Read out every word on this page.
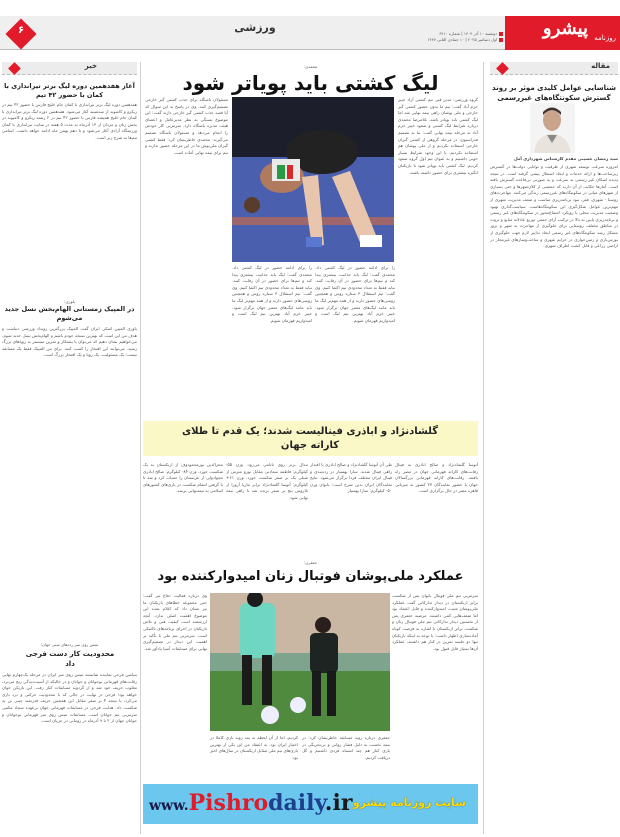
ورزشی
۶	دوشنبه ۱۰ آذر ۱۴۰۴ | شماره ۶۴۱۰
اول دسامبر ۲۰۲۵ | ۱۰ جمادی الثانی ۱۴۴۷
پیشرو روزنامه
مقاله
شناسایی عوامل کلیدی موثر بر روند گسترش سکونتگاه‌های غیررسمی
سید رمضان حسینی مقدم کارشناس شهرداری آمل
امروزه سرعت توسعه شهری از ظرفیت و توانایی دولت‌ها در گسترش زیرساخت‌ها و ارائه خدمات و ایجاد اشتغال پیشی گرفته است. در نتیجه پدیده اسکان غیر رسمی به سرعت و به صورتی بی‌قاعده گسترش یافته است. آمارها حکایت از آن دارند که جمعیتی از کلان‌شهرها و حتی بسیاری از شهرهای میانی در سکونتگاه‌های غیررسمی زندگی می‌کنند. مهاجرت‌های روستا - شهری، فقر، نبود برنامه‌ریزی مناسب و ضعف مدیریت شهری از مهم‌ترین عوامل شکل‌گیری این سکونتگاه‌هاست. سیاست‌گذاری بهبود وضعیت مدیریت محلی با رویکرد اجتماع‌محور در سکونتگاه‌های غیر رسمی و برنامه‌ریزی پایین به بالا در ترکیب آرای جمعی توزیع عادلانه منابع و ثروت در مناطق مختلف روستایی برای جلوگیری از مهاجرت به شهر و بروز مشکل رشد سکونتگاه‌های غیر رسمی ایجاد تدابیر لازم جهت جلوگیری از بورس‌بازی و زمین‌خواری در حرایم شهری و ساخت‌وسازهای غیرمجاز در اراضی زراعی و قابل کشت اطراف شهری.
خبر
آغاز هفدهمین دوره لیگ برتر تیراندازی با کمان با حضور ۴۲ تیم
هفدهمین دوره لیگ برتر تیراندازی با کمان جام خلیج فارس با حضور ۴۲ تیم در ریکرو و کامپوند از سه‌شنبه آغاز می‌شود. هفدهمین دوره لیگ برتر تیراندازی با کمان جام خلیج همیشه فارس با حضور ۴۲ تیم در ۲ رشته ریکرو و کامپوند در بخش زنان و مردان از ۱۳ آذرماه به مدت ۵ هفته در سایت تیراندازی با کمان ورزشگاه آزادی آغاز می‌شود و تا دهم بهمن ماه ادامه خواهد داشت. اسامی تیم‌ها به شرح زیر است.
بلوری:
در المپیک زمستانی الهام‌بخش نسل جدید می‌شوم
یاوری المپین اسکی ایران گفت المپیک بزرگترین رویداد ورزشی دنیاست و هدف من این است که بهترین نسخه خودم باشم و الهام‌بخش نسل جدید شوم. می‌خواهیم نشان دهیم که می‌توان با پشتکار و تمرین مستمر به رویاهای بزرگ رسید. می‌توانند این افتخار را کسب کنند. برای من المپیک فقط یک مسابقه نیست؛ یک مسئولیت، یک رویا و یک افتخار بزرگ است.
تنیس روی میز رده‌های سنی جهان؛
محدودیت کار دست فرجی داد
بنیامین فرجی نماینده شایسته تنیس روی میز ایران در مرحله یک‌چهارم نهایی رقابت‌های قهرمانی نوجوانان و جوانان و در خالیکه از آسیب‌دیدگی رنج می‌برد، مغلوب حریف خود شد و از گردونه مسابقات کنار رفت. این بازیکن جوان خواهد بود؛ فرجی در نهایت در حالی که با محدودیت حرکتی و درد بازی می‌کرد، با نتیجه ۴ بر صفر مقابل این همچنین حریف قدرتمند چینی تن به شکست داد. هدایت فرجی در مسابقات قهرمانی جهان برعهده سجاد مکتبی سرمربی تیم جوانان است. مسابقات تنیس روی میز قهرمانی نوجوانان و جوانان جهان از ۲ تا ۹ آذرماه در رومانی در جریان است.
محمدی:
لیگ کشتی باید پویاتر شود
گروه ورزشی: مدیر فنی تیم کشتی آزاد خیبر خرم آباد گفت: تیم ما بدون حضور کشتی گیر خارجی و ملی پوشان راهی نیمه نهایی شد اما لیگ کشتی باید پویاتر باشد. غلامرضا محمدی درباره شرایط لیگ کشتی و صعود خیبر خرم آباد به مرحله نیمه نهایی گفت: بنا به تصمیم فدراسیون، در مرحله گروهی از کشتی گیران خارجی استفاده نکردیم و از ملی پوشان هم استفاده نکردیم. با این وجود شرایط بسیار خوبی داشتیم و به عنوان تیم اول گروه صعود کردیم. لیگ کشتی باید پویاتر شود تا بازیکنان انگیزه بیشتری برای حضور داشته باشند.
را برای ادامه حضور در لیگ کشتی داد. محمدی گفت: لیگ باید جذابیت بیشتری پیدا کند و تیم‌ها برای حضور در آن رقابت کنند. نباید فقط به تعداد محدودی تیم اکتفا کنیم. وی گفت: تیم استقلال ۳ ستاره روس و همچنین روسی‌های حضور دارند و از همه مهم‌تر لیگ ما باید مانند لیگ‌های معتبر جهان برگزار شود. خیبر خرم آباد بهترین تیم لیگ است و امیدواریم قهرمان شویم.
را برای ادامه حضور در لیگ کشتی داد. محمدی گفت: لیگ باید جذابیت بیشتری پیدا کند و تیم‌ها برای حضور در آن رقابت کنند. نباید فقط به تعداد محدودی تیم اکتفا کنیم. وی گفت: تیم استقلال ۳ ستاره روس و همچنین روسی‌های حضور دارند و از همه مهم‌تر لیگ ما باید مانند لیگ‌های معتبر جهان برگزار شود. خیبر خرم آباد بهترین تیم لیگ است و امیدواریم قهرمان شویم.
مسئولان باشگاه برای جذب کشتی گیر خارجی تصمیم‌گیری کنند. وی در پاسخ به این سوال که آیا قصد جذب کشتی گیر خارجی دارند گفت: این موضوع بستگی به نظر مدیرعامل و اعضای هیئت مدیره باشگاه دارد. سرمربی کار خودش را انجام می‌دهد و مسئولان باشگاه تصمیم می‌گیرند. محمدی خاطرنشان کرد: فقط کشتی گیران ملی‌پوش ما در این مرحله حضور ندارند و تیم برای نیمه نهایی آماده است.
گلشادنژاد و اباذری فینالیست شدند؛ یک قدم تا طلای کاراته جهان
آتوسا گلشادنژاد و صالح اباذری به فینال رقابت‌های کاراته قهرمانی جهان در مصر راه یافتند. رقابت‌های کاراته قهرمانی بزرگسالان جهان با حضور نمایندگان ۲۷ کشور به میزبانی قاهره مصر در حال برگزاری است.
طی آن آتوسا گلشادنژاد و صالح اباذری با اقتدار راهی فینال شدند. سارا بهمنیار در رده‌بندی و فینال ایران مختلف فردا برگزار می‌شود. نتایج نمایندگان ایران بدین شرح است: بانوان وزن ۵۰- کیلوگرم: سارا بهمنیار
مدال برنز روی تاتامی می‌رود. وزن ۵۵- کیلوگرم: فاطمه سعادتی مقابل نورو مترس از شیلی یک بر صفر شکست خورد. وزن ۶۱+ کیلوگرم: آتوسا گلشادنژاد برابر ماریا آرورا از بلاروس پنج بر صفر برنده شد تا راهی نیمه نهایی شود.
محرالدین نورمحمودوف از ازبکستان به یک شکست خورد. وزن ۸۴- کیلوگرم: صالح اباذری مچوادولی از عربستان را حساب کرد و شد تا با گرفتن انتقام شکست در بازی‌های کشورهای اسلامی به نیمه‌نهایی برسد.
جعفری:
عملکرد ملی‌پوشان فوتبال زنان امیدوارکننده بود
سرمربی تیم ملی فوتبال بانوان پس از شکست برابر ازبکستان در دیدار تدارکاتی گفت عملکرد ملی‌پوشان مثبت، امیدوارکننده و قابل اعتماد بود اما ضعف‌هایی کمی داشتند. مرضیه جعفری پس از نخستین دیدار تدارکاتی تیم ملی فوتبال زنان و شکست برابر ازبکستان با اشاره به فرصت کوتاه آماده‌سازی اظهار داشت: با توجه به اینکه بازیکنان تنها دو جلسه تمرین در کنار هم داشتند، عملکرد آن‌ها بسیار قابل قبول بود.
وی درباره فعالیت دفاع نیز گفت: حتی مجموعه خطاهای بازیکنان ما نیز نشان داد که اعلام شده این موضوع اهمیت اصلی ندارد. آنچه ارزشمند است کیفیت فنی و تلاش بازیکنان در اجرای برنامه‌های تاکتیکی است. سرمربی تیم ملی با تأکید بر اهمیت این دیدار در تصمیم‌گیری نهایی برای مسابقات آسیا یادآور شد.
جعفری درباره روند مسابقه خاطرنشان کرد: در نیمه نخست به دلیل فشار روانی و بی‌تجربگی در بازی کنار هم چند اشتباه فردی داشتیم و گل دریافت کردیم.
کردیم، اما از آن لحظه به بعد روند بازی کاملا در اختیار ایران بود. به اعتقاد من این یکی از بهترین بازی‌های تیم ملی مقابل ازبکستان در سال‌های اخیر بود.
www.Pishrodaily.ir سایت روزنامه پیشرو
